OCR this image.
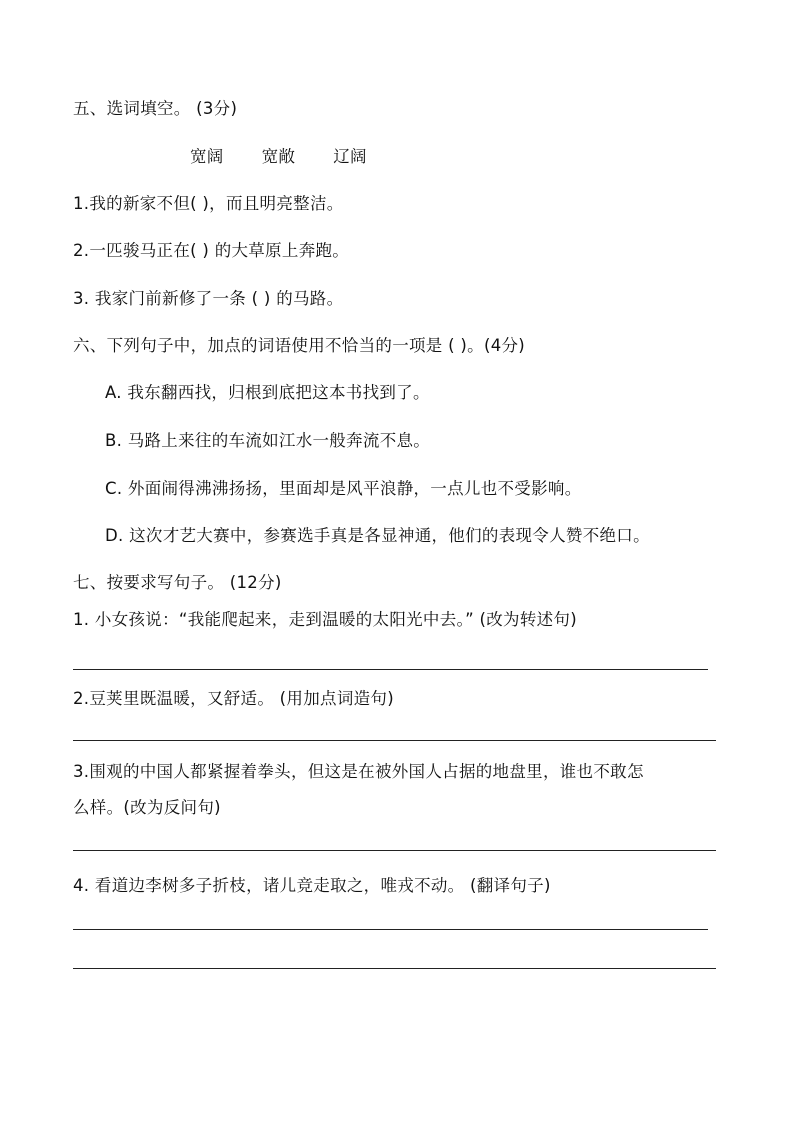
五、选词填空。 (3分)
宽阔 宽敞 辽阔
1.我的新家不但( )，而且明亮整洁。
2.一匹骏马正在( ) 的大草原上奔跑。
3. 我家门前新修了一条 ( ) 的马路。
六、下列句子中，加点的词语使用不恰当的一项是 ( )。(4分)
A. 我东翻西找，归根到底把这本书找到了。
B. 马路上来往的车流如江水一般奔流不息。
C. 外面闹得沸沸扬扬，里面却是风平浪静，一点儿也不受影响。
D. 这次才艺大赛中，参赛选手真是各显神通，他们的表现令人赞不绝口。
七、按要求写句子。 (12分)
1. 小女孩说：“我能爬起来，走到温暖的太阳光中去。” (改为转述句)
2.豆荚里既温暖，又舒适。 (用加点词造句)
3.围观的中国人都紧握着拳头，但这是在被外国人占据的地盘里，谁也不敢怎
么样。(改为反问句)
4. 看道边李树多子折枝，诸儿竞走取之，唯戎不动。 (翻译句子)
